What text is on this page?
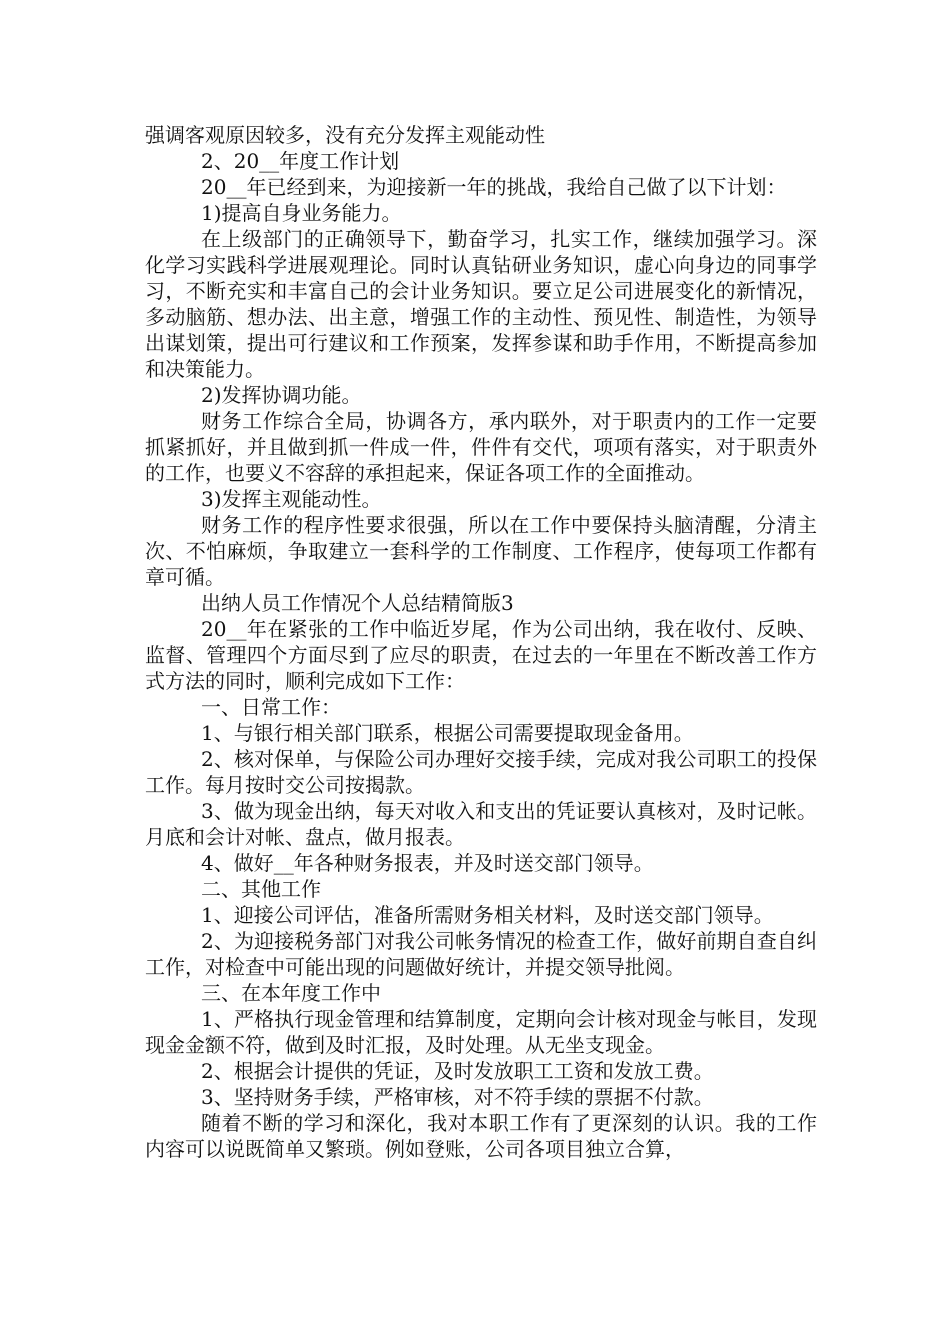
强调客观原因较多，没有充分发挥主观能动性

2、20__年度工作计划

20__年已经到来，为迎接新一年的挑战，我给自己做了以下计划：

1)提高自身业务能力。

在上级部门的正确领导下，勤奋学习，扎实工作，继续加强学习。深化学习实践科学进展观理论。同时认真钻研业务知识，虚心向身边的同事学习，不断充实和丰富自己的会计业务知识。要立足公司进展变化的新情况，多动脑筋、想办法、出主意，增强工作的主动性、预见性、制造性，为领导出谋划策，提出可行建议和工作预案，发挥参谋和助手作用，不断提高参加和决策能力。

2)发挥协调功能。

财务工作综合全局，协调各方，承内联外，对于职责内的工作一定要抓紧抓好，并且做到抓一件成一件，件件有交代，项项有落实，对于职责外的工作，也要义不容辞的承担起来，保证各项工作的全面推动。

3)发挥主观能动性。

财务工作的程序性要求很强，所以在工作中要保持头脑清醒，分清主次、不怕麻烦，争取建立一套科学的工作制度、工作程序，使每项工作都有章可循。

出纳人员工作情况个人总结精简版3

20__年在紧张的工作中临近岁尾，作为公司出纳，我在收付、反映、监督、管理四个方面尽到了应尽的职责，在过去的一年里在不断改善工作方式方法的同时，顺利完成如下工作：

一、日常工作：

1、与银行相关部门联系，根据公司需要提取现金备用。

2、核对保单，与保险公司办理好交接手续，完成对我公司职工的投保工作。每月按时交公司按揭款。

3、做为现金出纳，每天对收入和支出的凭证要认真核对，及时记帐。月底和会计对帐、盘点，做月报表。

4、做好__年各种财务报表，并及时送交部门领导。

二、其他工作

1、迎接公司评估，准备所需财务相关材料，及时送交部门领导。

2、为迎接税务部门对我公司帐务情况的检查工作，做好前期自查自纠工作，对检查中可能出现的问题做好统计，并提交领导批阅。

三、在本年度工作中

1、严格执行现金管理和结算制度，定期向会计核对现金与帐目，发现现金金额不符，做到及时汇报，及时处理。从无坐支现金。

2、根据会计提供的凭证，及时发放职工工资和发放工费。

3、坚持财务手续，严格审核，对不符手续的票据不付款。

随着不断的学习和深化，我对本职工作有了更深刻的认识。我的工作内容可以说既简单又繁琐。例如登账，公司各项目独立合算，
